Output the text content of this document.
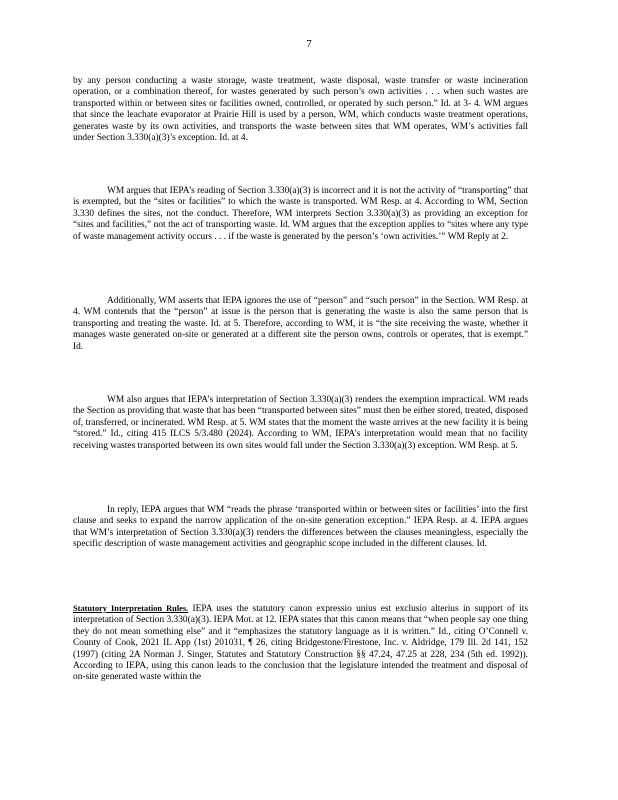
7
by any person conducting a waste storage, waste treatment, waste disposal, waste transfer or waste incineration operation, or a combination thereof, for wastes generated by such person’s own activities . . . when such wastes are transported within or between sites or facilities owned, controlled, or operated by such person.” Id. at 3- 4. WM argues that since the leachate evaporator at Prairie Hill is used by a person, WM, which conducts waste treatment operations, generates waste by its own activities, and transports the waste between sites that WM operates, WM’s activities fall under Section 3.330(a)(3)’s exception. Id. at 4.
WM argues that IEPA’s reading of Section 3.330(a)(3) is incorrect and it is not the activity of “transporting” that is exempted, but the “sites or facilities” to which the waste is transported. WM Resp. at 4. According to WM, Section 3.330 defines the sites, not the conduct. Therefore, WM interprets Section 3.330(a)(3) as providing an exception for “sites and facilities,” not the act of transporting waste. Id. WM argues that the exception applies to “sites where any type of waste management activity occurs . . . if the waste is generated by the person’s ‘own activities.’” WM Reply at 2.
Additionally, WM asserts that IEPA ignores the use of “person” and “such person” in the Section. WM Resp. at 4. WM contends that the “person” at issue is the person that is generating the waste is also the same person that is transporting and treating the waste. Id. at 5. Therefore, according to WM, it is “the site receiving the waste, whether it manages waste generated on-site or generated at a different site the person owns, controls or operates, that is exempt.” Id.
WM also argues that IEPA’s interpretation of Section 3.330(a)(3) renders the exemption impractical. WM reads the Section as providing that waste that has been “transported between sites” must then be either stored, treated, disposed of, transferred, or incinerated. WM Resp. at 5. WM states that the moment the waste arrives at the new facility it is being “stored.” Id., citing 415 ILCS 5/3.480 (2024). According to WM, IEPA’s interpretation would mean that no facility receiving wastes transported between its own sites would fall under the Section 3.330(a)(3) exception. WM Resp. at 5.
In reply, IEPA argues that WM “reads the phrase ‘transported within or between sites or facilities’ into the first clause and seeks to expand the narrow application of the on-site generation exception.” IEPA Resp. at 4. IEPA argues that WM’s interpretation of Section 3.330(a)(3) renders the differences between the clauses meaningless, especially the specific description of waste management activities and geographic scope included in the different clauses. Id.
Statutory Interpretation Rules. IEPA uses the statutory canon expressio unius est exclusio alterius in support of its interpretation of Section 3.330(a)(3). IEPA Mot. at 12. IEPA states that this canon means that “when people say one thing they do not mean something else” and it “emphasizes the statutory language as it is written.” Id., citing O’Connell v. County of Cook, 2021 IL App (1st) 201031, ¶ 26, citing Bridgestone/Firestone, Inc. v. Aldridge, 179 Ill. 2d 141, 152 (1997) (citing 2A Norman J. Singer, Statutes and Statutory Construction §§ 47.24, 47.25 at 228, 234 (5th ed. 1992)). According to IEPA, using this canon leads to the conclusion that the legislature intended the treatment and disposal of on-site generated waste within the
